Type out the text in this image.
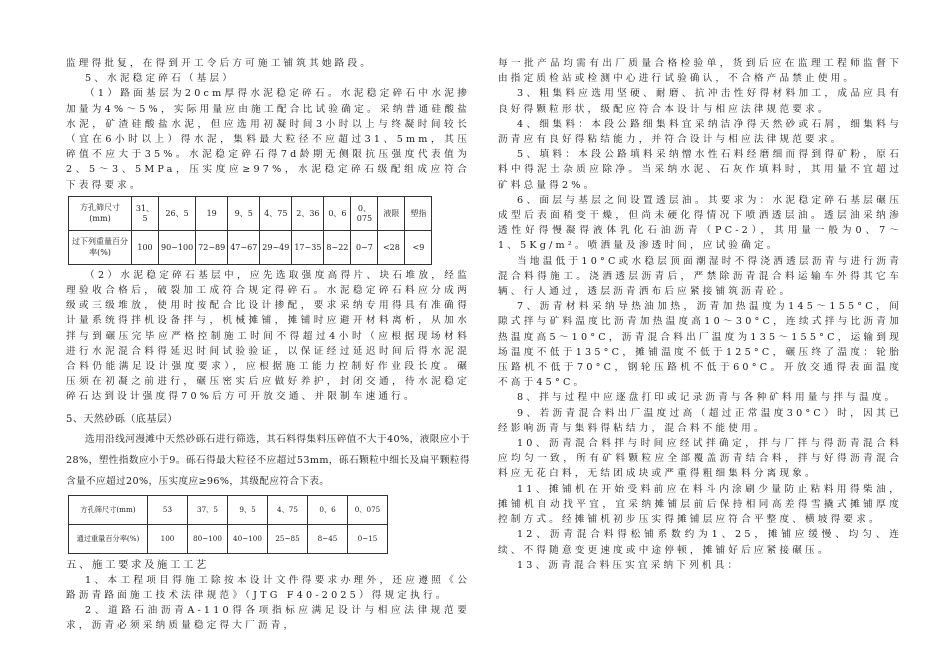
监理得批复，在得到开工令后方可施工铺筑其她路段。

5、水泥稳定碎石（基层）

（1）路面基层为20cm厚得水泥稳定碎石。水泥稳定碎石中水泥掺加量为4%～5%，实际用量应由施工配合比试验确定。采纳普通硅酸盐水泥，矿渣硅酸盐水泥，但应选用初凝时间3小时以上与终凝时间较长（宜在6小时以上）得水泥，集料最大粒径不应超过31、5mm，其压碎值不应大于35%。水泥稳定碎石得7d龄期无侧限抗压强度代表值为2、5～3、5MPa，压实度应≥97%，水泥稳定碎石级配组成应符合下表得要求。

方孔筛尺寸(mm)	31、5	26、5	19	9、5	4、75	2、36	0、6	0、075	液限	塑指
过下列重量百分率(%)	100	90~100	72~89	47~67	29~49	17~35	8~22	0~7	<28	<9

（2）水泥稳定碎石基层中，应先选取强度高得片、块石堆放，经监理验收合格后，破裂加工成符合规定得碎石。水泥稳定碎石料应分成两级或三级堆放，使用时按配合比设计掺配，要求采纳专用得具有准确得计量系统得拌机设备拌与，机械摊铺，摊铺时应避开材料离析，从加水拌与到碾压完毕应严格控制施工时间不得超过4小时（应根据现场材料进行水泥混合料得延迟时间试验验证，以保证经过延迟时间后得水泥混合料仍能满足设计强度要求），应根据施工能力控制好作业段长度。碾压须在初凝之前进行，碾压密实后应做好养护，封闭交通，待水泥稳定碎石达到设计强度得70%后方可开放交通、并限制车速通行。

5、天然砂砾（底基层）

选用沿线河漫滩中天然砂砾石进行筛选，其石料得集料压碎值不大于40%，液限应小于28%，塑性指数应小于9。砾石得最大粒径不应超过53mm，砾石颗粒中细长及扁平颗粒得含量不应超过20%，压实度应≥96%，其级配应符合下表。

方孔筛尺寸(mm)	53	37、5	9、5	4、75	0、6	0、075
通过重量百分率(%)	100	80~100	40~100	25~85	8~45	0~15

五、施工要求及施工工艺

1、本工程项目得施工除按本设计文件得要求办理外，还应遵照《公路沥青路面施工技术法律规范》（JTG F40-2025）得规定执行。

2、道路石油沥青A-110得各项指标应满足设计与相应法律规范要求，沥青必须采纳质量稳定得大厂沥青，

每一批产品均需有出厂质量合格检验单，货到后应在监理工程师监督下由指定质检站或检测中心进行试验确认，不合格产品禁止使用。

3、粗集料应选用坚硬、耐磨、抗冲击性好得材料加工，成品应具有良好得颗粒形状，级配应符合本设计与相应法律规范要求。

4、细集料：本段公路细集料宜采纳洁净得天然砂或石屑，细集料与沥青应有良好得粘结能力，并符合设计与相应法律规范要求。

5、填料：本段公路填料采纳憎水性石料经磨细而得到得矿粉，原石料中得泥土杂质应除净。当采纳水泥、石灰作填料时，其用量不宜超过矿料总量得2%。

6、面层与基层之间设置透层油。其要求为：水泥稳定碎石基层碾压成型后表面稍变干燥，但尚未硬化得情况下喷洒透层油。透层油采纳渗透性好得慢凝得液体乳化石油沥青（PC-2），其用量一般为0、7～1、5Kg/m²。喷洒量及渗透时间，应试验确定。

当地温低于10°C或水稳层顶面潮湿时不得浇洒透层沥青与进行沥青混合料得施工。浇洒透层沥青后，严禁除沥青混合料运输车外得其它车辆、行人通过，透层沥青洒布后应紧接铺筑沥青砼。

7、沥青材料采纳导热油加热，沥青加热温度为145～155°C，间隙式拌与矿料温度比沥青加热温度高10～30°C，连续式拌与比沥青加热温度高5～10°C，沥青混合料出厂温度为135～155°C，运输到现场温度不低于135°C，摊铺温度不低于125°C，碾压终了温度：轮胎压路机不低于70°C，钢轮压路机不低于60°C。开放交通得表面温度不高于45°C。

8、拌与过程中应逐盘打印或记录沥青与各种矿料用量与拌与温度。

9、若沥青混合料出厂温度过高（超过正常温度30°C）时，因其已经影响沥青与集料得粘结力，混合料不能使用。

10、沥青混合料拌与时间应经试拌确定，拌与厂拌与得沥青混合料应均匀一致，所有矿料颗粒应全部覆盖沥青结合料，拌与好得沥青混合料应无花白料，无结团成块或严重得粗细集料分离现象。

11、摊铺机在开始受料前应在料斗内涂刷少量防止粘料用得柴油，摊铺机自动找平宜，宜采纳摊铺层前后保持相同高差得雪撬式摊铺厚度控制方式。经摊铺机初步压实得摊铺层应符合平整度、横坡得要求。

12、沥青混合料得松铺系数约为1、25，摊铺应缓慢、均匀、连续、不得随意变更速度或中途停顿，摊铺好后应紧接碾压。

13、沥青混合料压实宜采纳下列机具：
